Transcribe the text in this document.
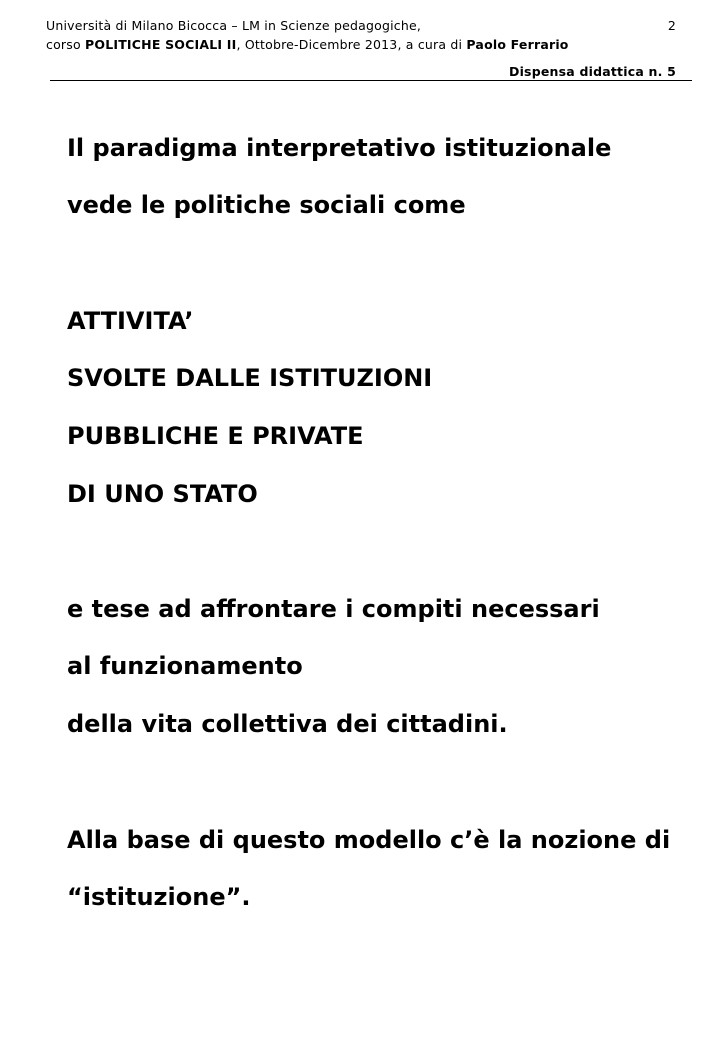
Università di Milano Bicocca – LM in Scienze pedagogiche,
corso POLITICHE SOCIALI II, Ottobre-Dicembre 2013, a cura di Paolo Ferrario
2
Dispensa didattica n. 5
Il paradigma interpretativo istituzionale
vede le politiche sociali come
ATTIVITA’
SVOLTE DALLE ISTITUZIONI
PUBBLICHE E PRIVATE
DI UNO STATO
e tese ad affrontare i compiti necessari
al funzionamento
della vita collettiva dei cittadini.
Alla base di questo modello c’è la nozione di
“istituzione”.
